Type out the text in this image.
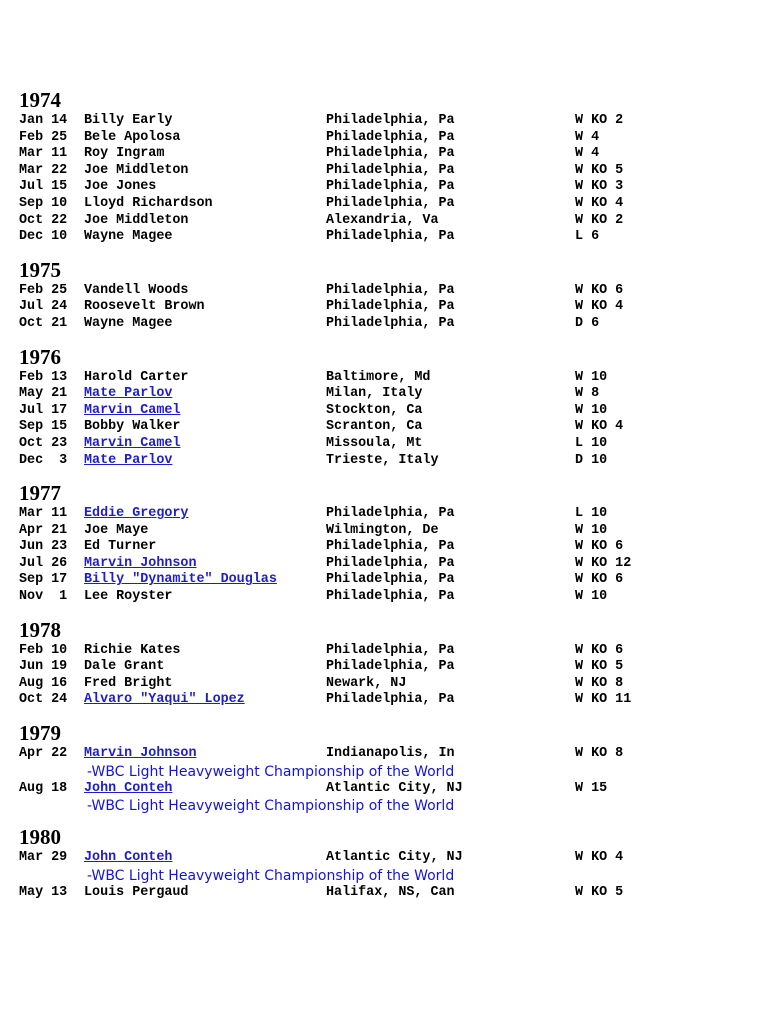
1974
Jan 14 Billy Early	Philadelphia, Pa	W KO 2
Feb 25 Bele Apolosa	Philadelphia, Pa	W 4
Mar 11 Roy Ingram	Philadelphia, Pa	W 4
Mar 22 Joe Middleton	Philadelphia, Pa	W KO 5
Jul 15 Joe Jones	Philadelphia, Pa	W KO 3
Sep 10 Lloyd Richardson	Philadelphia, Pa	W KO 4
Oct 22 Joe Middleton	Alexandria, Va	W KO 2
Dec 10 Wayne Magee	Philadelphia, Pa	L 6
1975
Feb 25 Vandell Woods	Philadelphia, Pa	W KO 6
Jul 24 Roosevelt Brown	Philadelphia, Pa	W KO 4
Oct 21 Wayne Magee	Philadelphia, Pa	D 6
1976
Feb 13 Harold Carter	Baltimore, Md	W 10
May 21 Mate Parlov	Milan, Italy	W 8
Jul 17 Marvin Camel	Stockton, Ca	W 10
Sep 15 Bobby Walker	Scranton, Ca	W KO 4
Oct 23 Marvin Camel	Missoula, Mt	L 10
Dec  3 Mate Parlov	Trieste, Italy	D 10
1977
Mar 11 Eddie Gregory	Philadelphia, Pa	L 10
Apr 21 Joe Maye	Wilmington, De	W 10
Jun 23 Ed Turner	Philadelphia, Pa	W KO 6
Jul 26 Marvin Johnson	Philadelphia, Pa	W KO 12
Sep 17 Billy "Dynamite" Douglas	Philadelphia, Pa	W KO 6
Nov  1 Lee Royster	Philadelphia, Pa	W 10
1978
Feb 10 Richie Kates	Philadelphia, Pa	W KO 6
Jun 19 Dale Grant	Philadelphia, Pa	W KO 5
Aug 16 Fred Bright	Newark, NJ	W KO 8
Oct 24 Alvaro "Yaqui" Lopez	Philadelphia, Pa	W KO 11
1979
Apr 22 Marvin Johnson	Indianapolis, In	W KO 8
-WBC Light Heavyweight Championship of the World
Aug 18 John Conteh	Atlantic City, NJ	W 15
-WBC Light Heavyweight Championship of the World
1980
Mar 29 John Conteh	Atlantic City, NJ	W KO 4
-WBC Light Heavyweight Championship of the World
May 13 Louis Pergaud	Halifax, NS, Can	W KO 5
